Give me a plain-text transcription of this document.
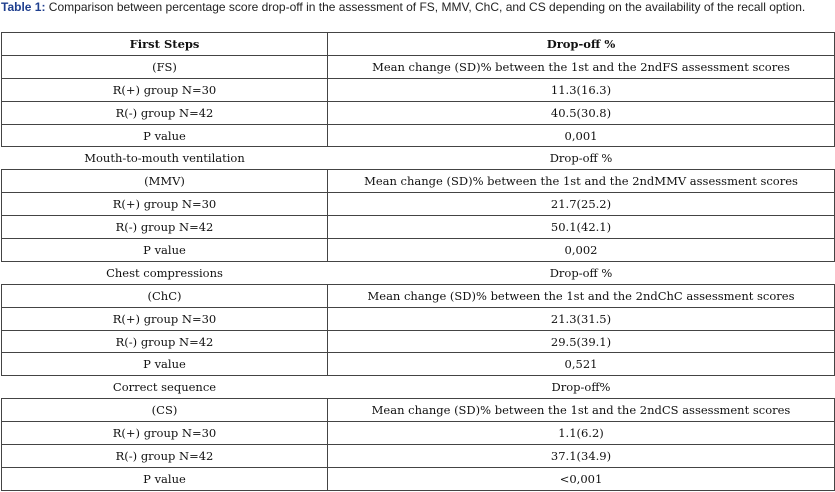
Table 1: Comparison between percentage score drop-off in the assessment of FS, MMV, ChC, and CS depending on the availability of the recall option.
First Steps	Drop-off %
(FS)	Mean change (SD)% between the 1st and the 2ndFS assessment scores
R(+) group N=30	11.3(16.3)
R(-) group N=42	40.5(30.8)
P value	0,001
Mouth-to-mouth ventilation	Drop-off %
(MMV)	Mean change (SD)% between the 1st and the 2ndMMV assessment scores
R(+) group N=30	21.7(25.2)
R(-) group N=42	50.1(42.1)
P value	0,002
Chest compressions	Drop-off %
(ChC)	Mean change (SD)% between the 1st and the 2ndChC assessment scores
R(+) group N=30	21.3(31.5)
R(-) group N=42	29.5(39.1)
P value	0,521
Correct sequence	Drop-off%
(CS)	Mean change (SD)% between the 1st and the 2ndCS assessment scores
R(+) group N=30	1.1(6.2)
R(-) group N=42	37.1(34.9)
P value	<0,001
